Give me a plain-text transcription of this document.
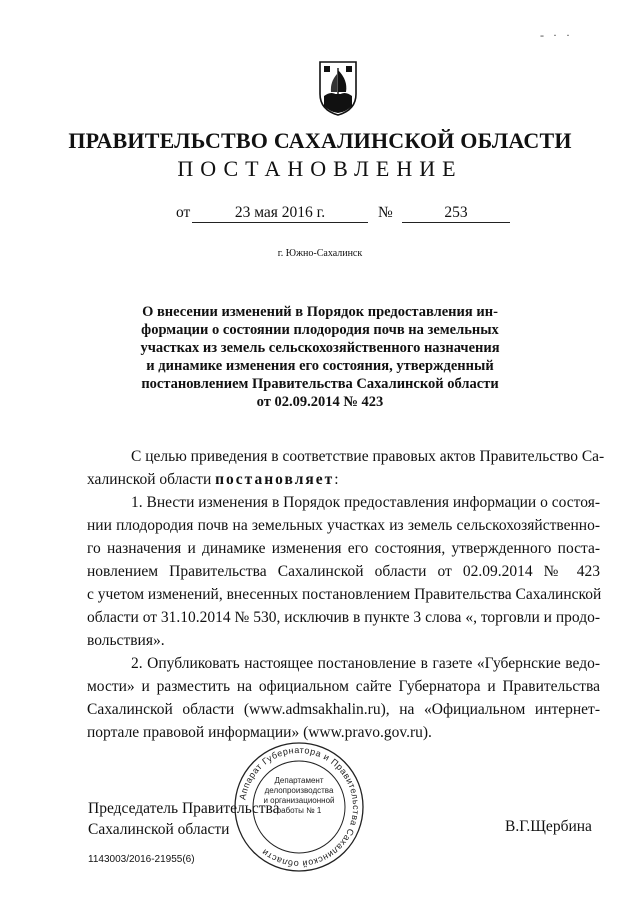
- · ·
ПРАВИТЕЛЬСТВО САХАЛИНСКОЙ ОБЛАСТИ
ПОСТАНОВЛЕНИЕ
от	23 мая 2016 г.	№	253
г. Южно-Сахалинск
О внесении изменений в Порядок предоставления ин-
формации о состоянии плодородия почв на земельных
участках из земель сельскохозяйственного назначения
и динамике изменения его состояния, утвержденный
постановлением Правительства Сахалинской области
от 02.09.2014 № 423
С целью приведения в соответствие правовых актов Правительство Са-
халинской области постановляет:
1. Внести изменения в Порядок предоставления информации о состоя-
нии плодородия почв на земельных участках из земель сельскохозяйственно-
го назначения и динамике изменения его состояния, утвержденного поста-
новлением Правительства Сахалинской области от 02.09.2014 № 423
с учетом изменений, внесенных постановлением Правительства Сахалинской
области от 31.10.2014 № 530, исключив в пункте 3 слова «, торговли и продо-
вольствия».
2. Опубликовать настоящее постановление в газете «Губернские ведо-
мости» и разместить на официальном сайте Губернатора и Правительства
Сахалинской области (www.admsakhalin.ru), на «Официальном интернет-
портале правовой информации» (www.pravo.gov.ru).
Председатель Правительства
Сахалинской области	В.Г.Щербина
Аппарат Губернатора и Правительства Сахалинской области
Департамент
делопроизводства
и организационной
работы № 1
1143003/2016-21955(6)
